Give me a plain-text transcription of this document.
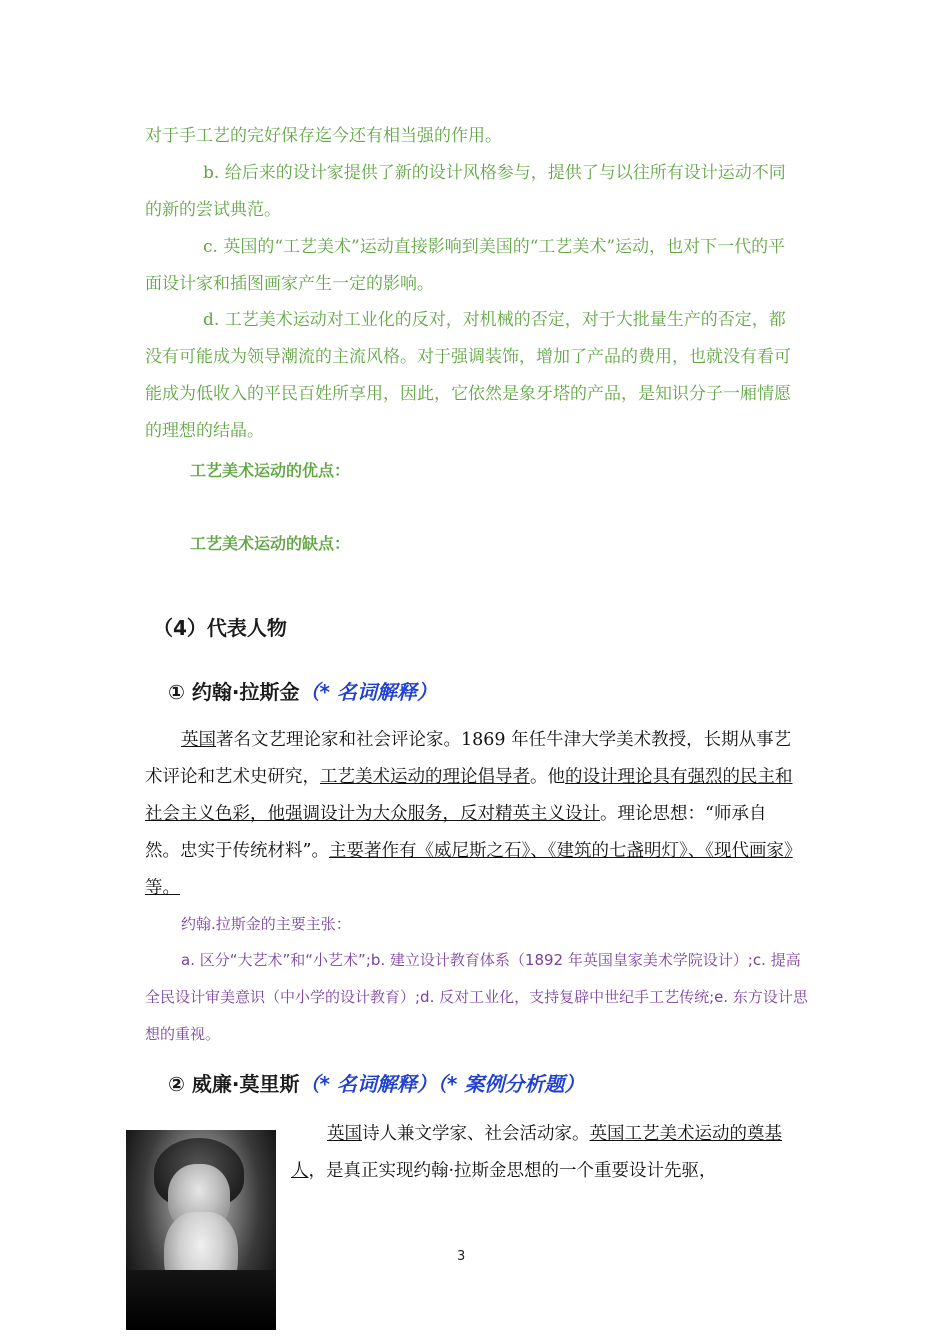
对于手工艺的完好保存迄今还有相当强的作用。

b. 给后来的设计家提供了新的设计风格参与，提供了与以往所有设计运动不同的新的尝试典范。

c. 英国的“工艺美术”运动直接影响到美国的“工艺美术”运动，也对下一代的平面设计家和插图画家产生一定的影响。

d. 工艺美术运动对工业化的反对，对机械的否定，对于大批量生产的否定，都没有可能成为领导潮流的主流风格。对于强调装饰，增加了产品的费用，也就没有看可能成为低收入的平民百姓所享用，因此，它依然是象牙塔的产品，是知识分子一厢情愿的理想的结晶。

工艺美术运动的优点：

工艺美术运动的缺点：

（4）代表人物

① 约翰·拉斯金（* 名词解释）

英国著名文艺理论家和社会评论家。1869 年任牛津大学美术教授，长期从事艺术评论和艺术史研究，工艺美术运动的理论倡导者。他的设计理论具有强烈的民主和社会主义色彩，他强调设计为大众服务，反对精英主义设计。理论思想：“师承自然。忠实于传统材料”。主要著作有《威尼斯之石》、《建筑的七盏明灯》、《现代画家》等。

约翰.拉斯金的主要主张：

a. 区分“大艺术”和“小艺术”;b. 建立设计教育体系（1892 年英国皇家美术学院设计）;c. 提高全民设计审美意识（中小学的设计教育）;d. 反对工业化，支持复辟中世纪手工艺传统;e. 东方设计思想的重视。

② 威廉·莫里斯（* 名词解释）（* 案例分析题）

英国诗人兼文学家、社会活动家。英国工艺美术运动的奠基人，是真正实现约翰·拉斯金思想的一个重要设计先驱，

3
